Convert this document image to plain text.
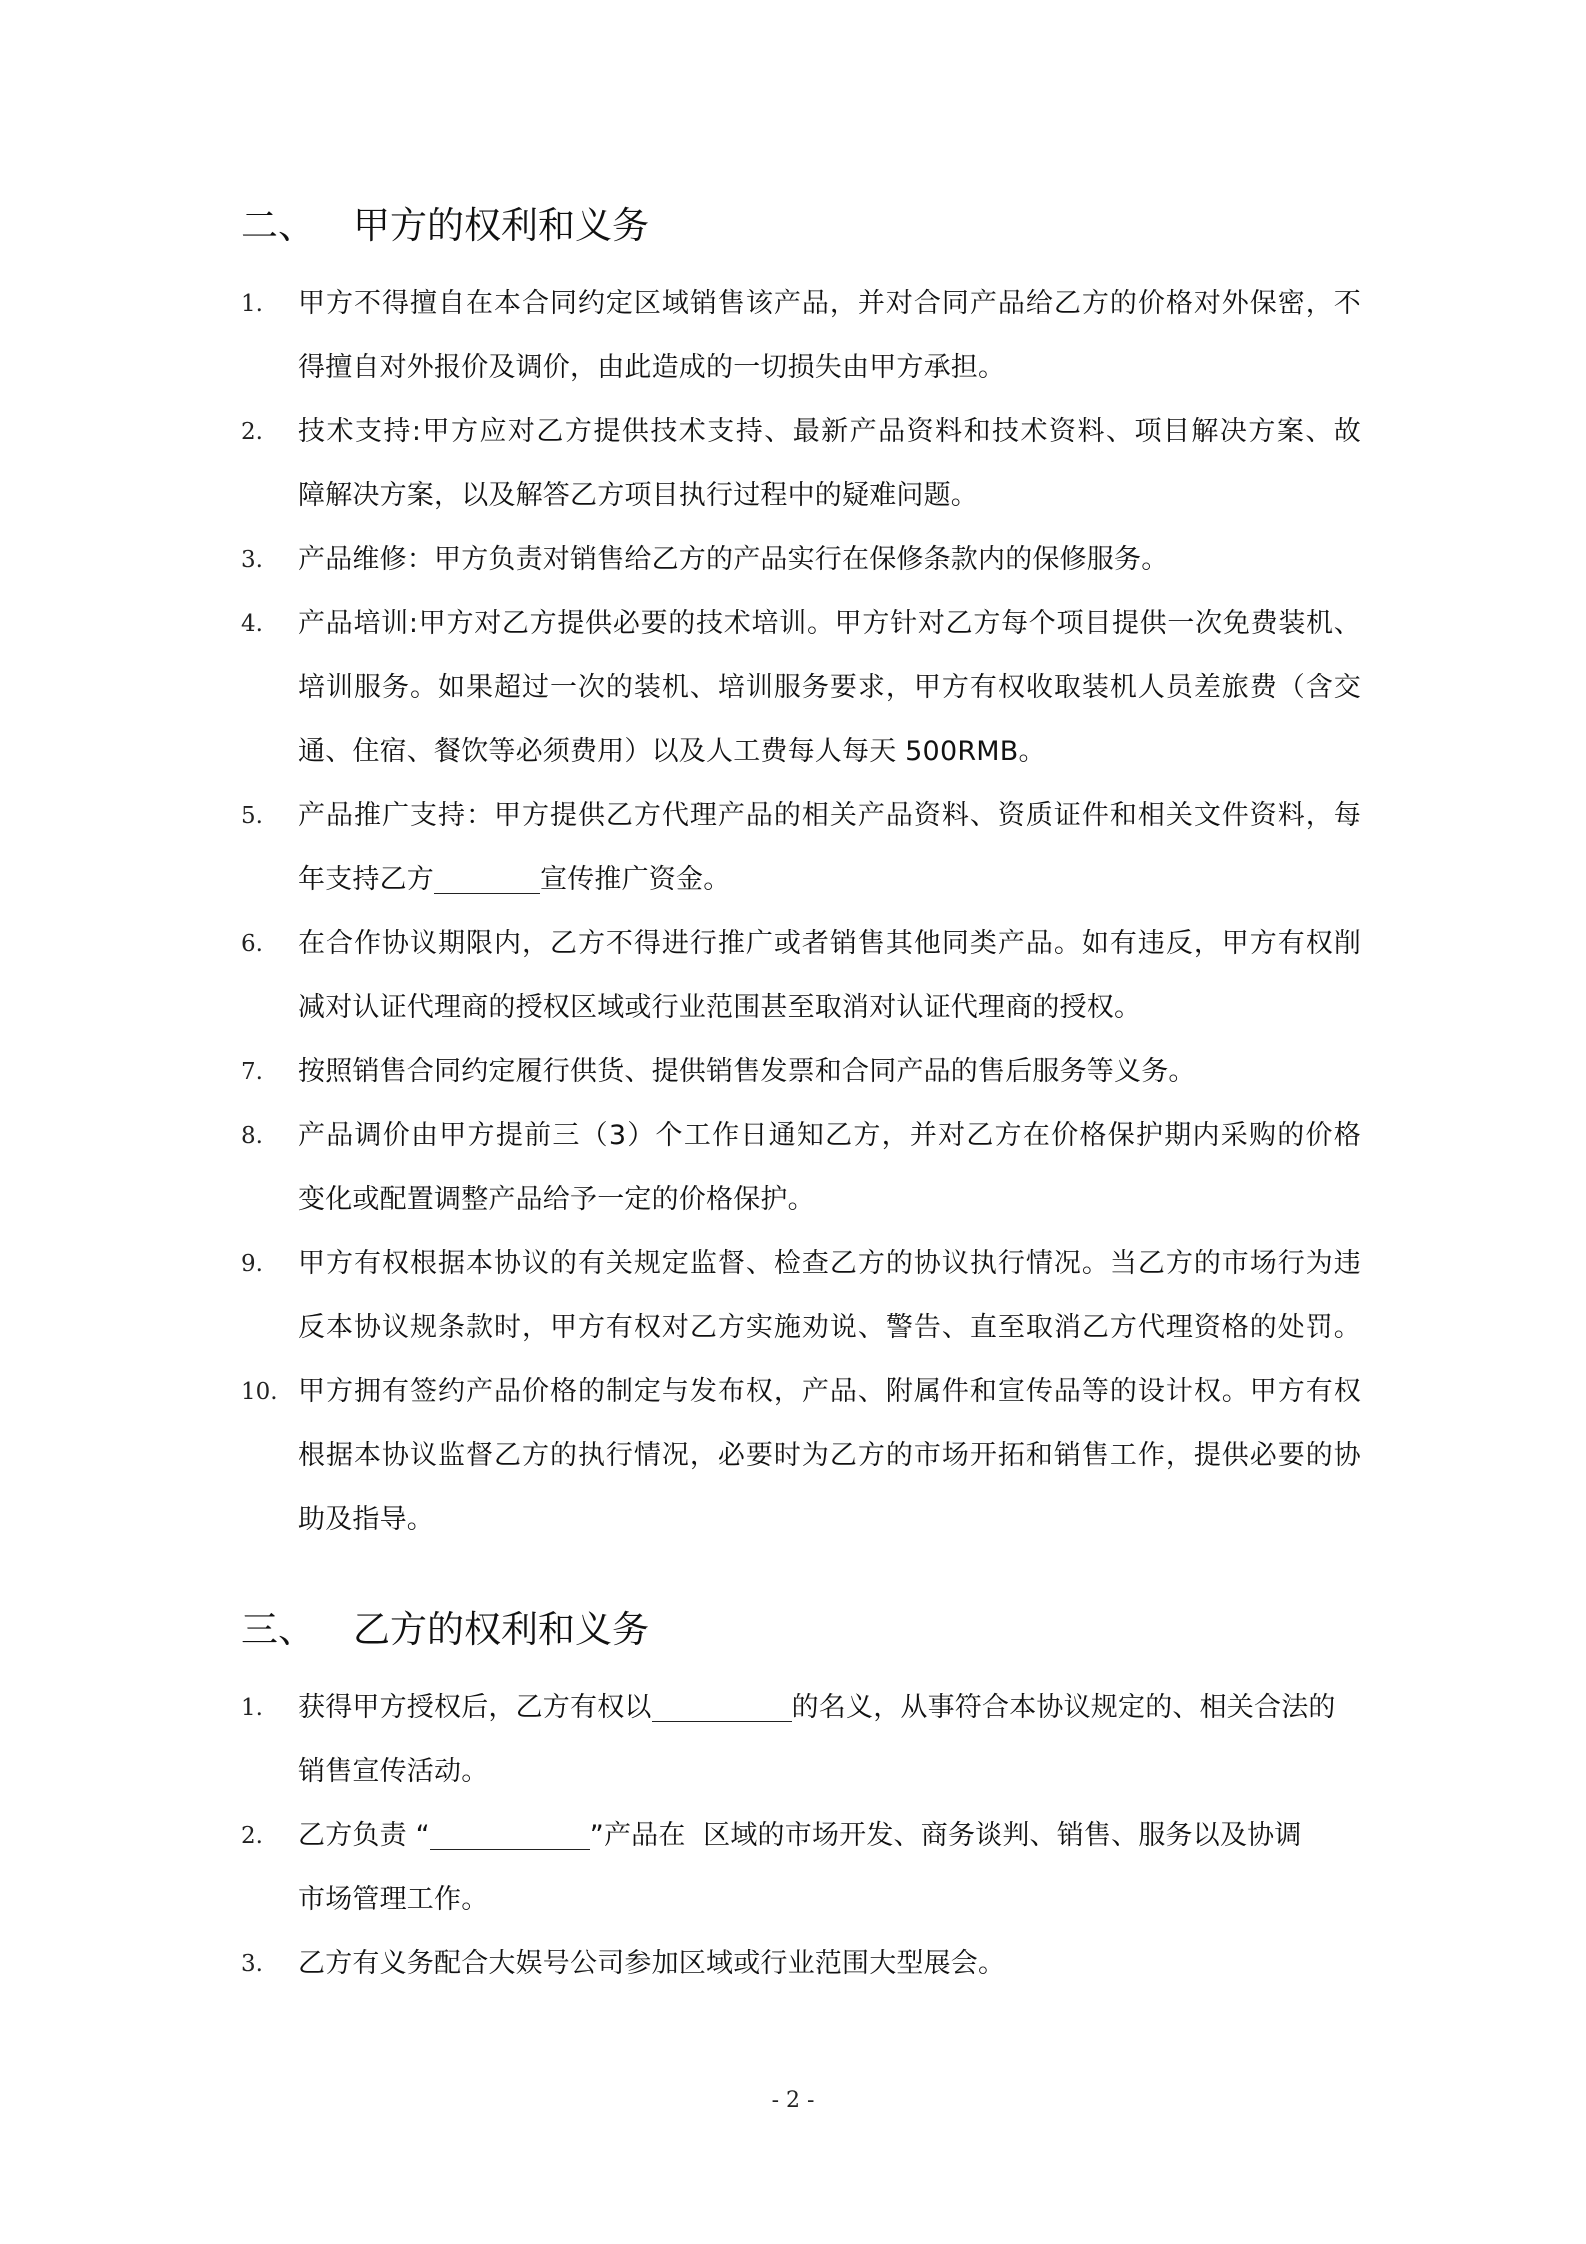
二、 甲方的权利和义务
1. 甲方不得擅自在本合同约定区域销售该产品，并对合同产品给乙方的价格对外保密，不
得擅自对外报价及调价，由此造成的一切损失由甲方承担。
2. 技术支持:甲方应对乙方提供技术支持、最新产品资料和技术资料、项目解决方案、故
障解决方案，以及解答乙方项目执行过程中的疑难问题。
3. 产品维修：甲方负责对销售给乙方的产品实行在保修条款内的保修服务。
4. 产品培训:甲方对乙方提供必要的技术培训。甲方针对乙方每个项目提供一次免费装机、
培训服务。如果超过一次的装机、培训服务要求，甲方有权收取装机人员差旅费（含交
通、住宿、餐饮等必须费用）以及人工费每人每天 500RMB。
5. 产品推广支持：甲方提供乙方代理产品的相关产品资料、资质证件和相关文件资料，每
年支持乙方	宣传推广资金。
6. 在合作协议期限内，乙方不得进行推广或者销售其他同类产品。如有违反，甲方有权削
减对认证代理商的授权区域或行业范围甚至取消对认证代理商的授权。
7. 按照销售合同约定履行供货、提供销售发票和合同产品的售后服务等义务。
8. 产品调价由甲方提前三（3）个工作日通知乙方，并对乙方在价格保护期内采购的价格
变化或配置调整产品给予一定的价格保护。
9. 甲方有权根据本协议的有关规定监督、检查乙方的协议执行情况。当乙方的市场行为违
反本协议规条款时，甲方有权对乙方实施劝说、警告、直至取消乙方代理资格的处罚。
10. 甲方拥有签约产品价格的制定与发布权，产品、附属件和宣传品等的设计权。甲方有权
根据本协议监督乙方的执行情况，必要时为乙方的市场开拓和销售工作，提供必要的协
助及指导。
三、 乙方的权利和义务
1. 获得甲方授权后，乙方有权以	的名义，从事符合本协议规定的、相关合法的
销售宣传活动。
2. 乙方负责 “	”产品在  区域的市场开发、商务谈判、销售、服务以及协调
市场管理工作。
3. 乙方有义务配合大娱号公司参加区域或行业范围大型展会。
- 2 -
